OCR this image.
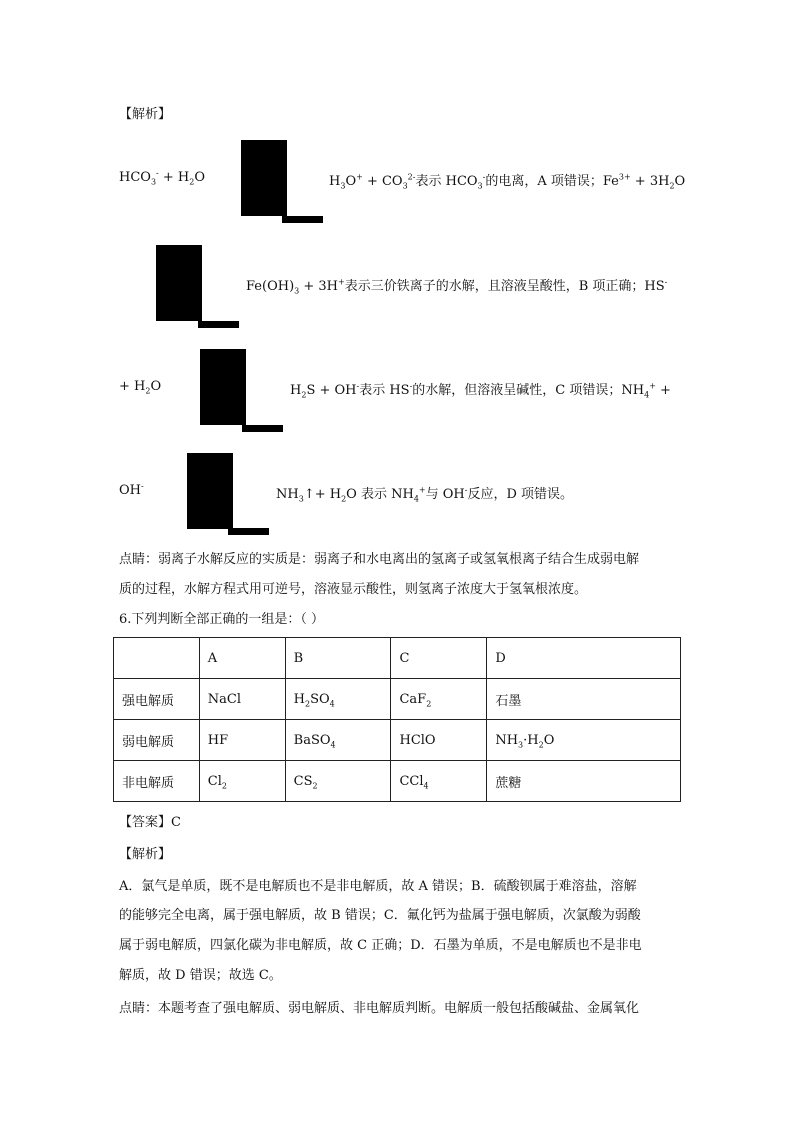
【解析】
$HCO_3^- + H_2O$	$H_3O^+ + CO_3^{2-}$表示 $HCO_3^-$的电离，A 项错误；$Fe^{3+} + 3H_2O$
$Fe(OH)_3 + 3H^+$表示三价铁离子的水解，且溶液呈酸性，B 项正确；HS-
+ $H_2O$	$H_2S + OH^-$表示 HS-的水解，但溶液呈碱性，C 项错误；$NH_4^+$ +
OH-
$NH_3↑+ H_2O$ 表示 $NH_4^+$与 OH-反应，D 项错误。
点睛：弱离子水解反应的实质是：弱离子和水电离出的氢离子或氢氧根离子结合生成弱电解
质的过程，水解方程式用可逆号，溶液显示酸性，则氢离子浓度大于氢氧根浓度。
6.下列判断全部正确的一组是：（ ）
	A	B	C	D
强电解质	NaCl	$H_2SO_4$	CaF$_2$	石墨
弱电解质	HF	BaSO$_4$	HClO	$NH_3\cdot H_2O$
非电解质	$Cl_2$	$CS_2$	CCl$_4$	蔗糖
【答案】C
【解析】
A．氯气是单质，既不是电解质也不是非电解质，故 A 错误；B．硫酸钡属于难溶盐，溶解
的能够完全电离，属于强电解质，故 B 错误；C．氟化钙为盐属于强电解质，次氯酸为弱酸
属于弱电解质，四氯化碳为非电解质，故 C 正确；D．石墨为单质，不是电解质也不是非电
解质，故 D 错误；故选 C。
点睛：本题考查了强电解质、弱电解质、非电解质判断。电解质一般包括酸碱盐、金属氧化
